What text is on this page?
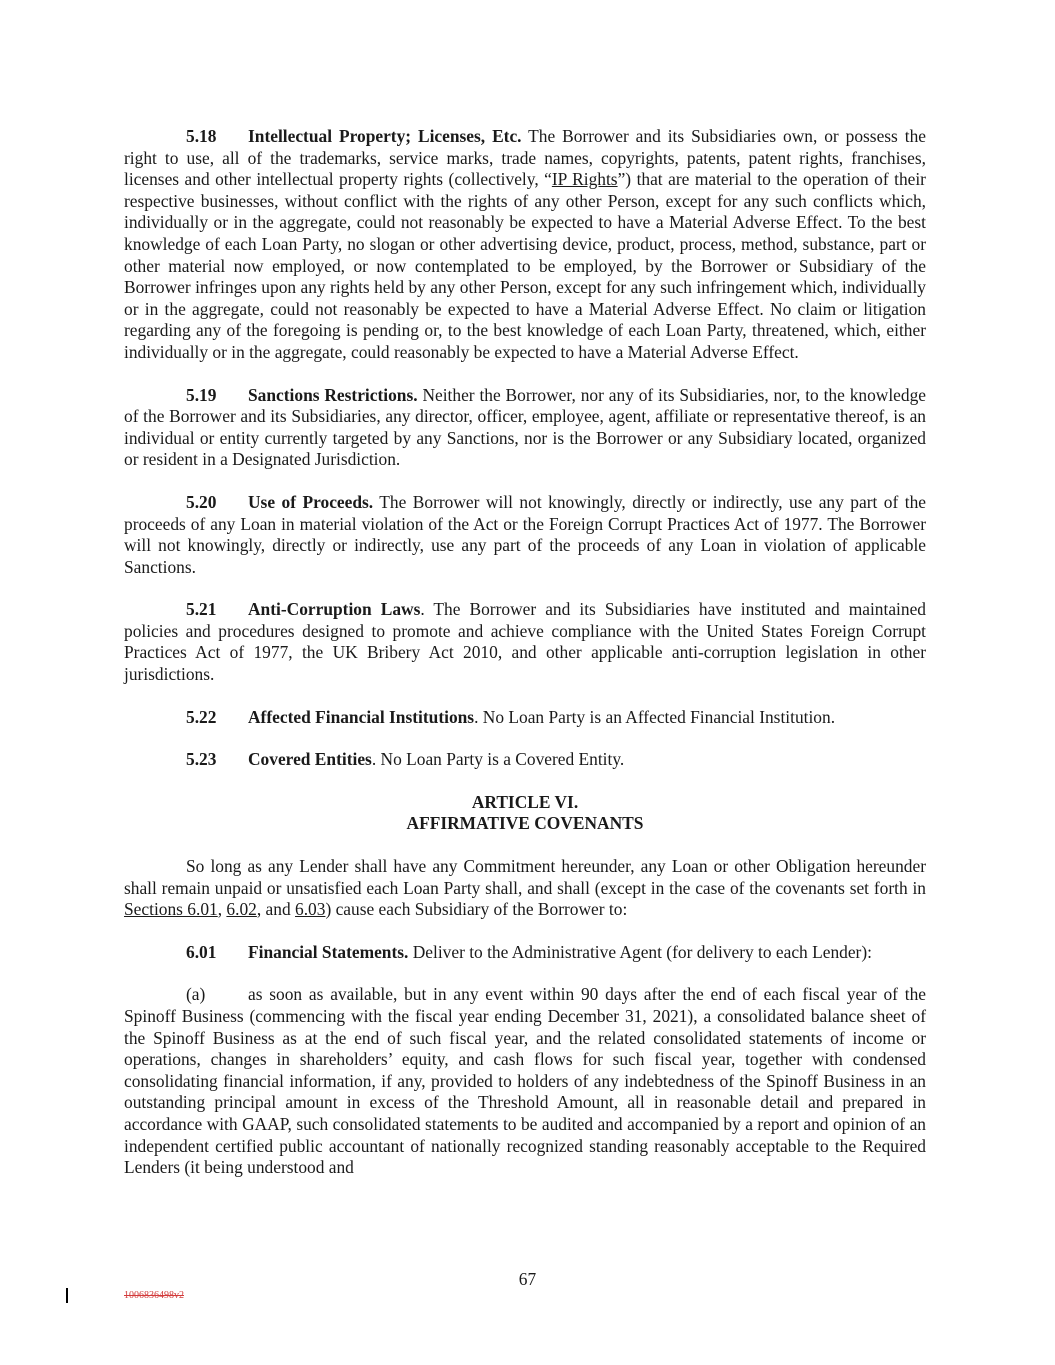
5.18 Intellectual Property; Licenses, Etc. The Borrower and its Subsidiaries own, or possess the right to use, all of the trademarks, service marks, trade names, copyrights, patents, patent rights, franchises, licenses and other intellectual property rights (collectively, “IP Rights”) that are material to the operation of their respective businesses, without conflict with the rights of any other Person, except for any such conflicts which, individually or in the aggregate, could not reasonably be expected to have a Material Adverse Effect. To the best knowledge of each Loan Party, no slogan or other advertising device, product, process, method, substance, part or other material now employed, or now contemplated to be employed, by the Borrower or Subsidiary of the Borrower infringes upon any rights held by any other Person, except for any such infringement which, individually or in the aggregate, could not reasonably be expected to have a Material Adverse Effect. No claim or litigation regarding any of the foregoing is pending or, to the best knowledge of each Loan Party, threatened, which, either individually or in the aggregate, could reasonably be expected to have a Material Adverse Effect.

5.19 Sanctions Restrictions. Neither the Borrower, nor any of its Subsidiaries, nor, to the knowledge of the Borrower and its Subsidiaries, any director, officer, employee, agent, affiliate or representative thereof, is an individual or entity currently targeted by any Sanctions, nor is the Borrower or any Subsidiary located, organized or resident in a Designated Jurisdiction.

5.20 Use of Proceeds. The Borrower will not knowingly, directly or indirectly, use any part of the proceeds of any Loan in material violation of the Act or the Foreign Corrupt Practices Act of 1977. The Borrower will not knowingly, directly or indirectly, use any part of the proceeds of any Loan in violation of applicable Sanctions.

5.21 Anti-Corruption Laws. The Borrower and its Subsidiaries have instituted and maintained policies and procedures designed to promote and achieve compliance with the United States Foreign Corrupt Practices Act of 1977, the UK Bribery Act 2010, and other applicable anti-corruption legislation in other jurisdictions.

5.22 Affected Financial Institutions. No Loan Party is an Affected Financial Institution.

5.23 Covered Entities. No Loan Party is a Covered Entity.

ARTICLE VI.

AFFIRMATIVE COVENANTS

So long as any Lender shall have any Commitment hereunder, any Loan or other Obligation hereunder shall remain unpaid or unsatisfied each Loan Party shall, and shall (except in the case of the covenants set forth in Sections 6.01, 6.02, and 6.03) cause each Subsidiary of the Borrower to:

6.01 Financial Statements. Deliver to the Administrative Agent (for delivery to each Lender):

(a) as soon as available, but in any event within 90 days after the end of each fiscal year of the Spinoff Business (commencing with the fiscal year ending December 31, 2021), a consolidated balance sheet of the Spinoff Business as at the end of such fiscal year, and the related consolidated statements of income or operations, changes in shareholders’ equity, and cash flows for such fiscal year, together with condensed consolidating financial information, if any, provided to holders of any indebtedness of the Spinoff Business in an outstanding principal amount in excess of the Threshold Amount, all in reasonable detail and prepared in accordance with GAAP, such consolidated statements to be audited and accompanied by a report and opinion of an independent certified public accountant of nationally recognized standing reasonably acceptable to the Required Lenders (it being understood and

67
1006836498v2
